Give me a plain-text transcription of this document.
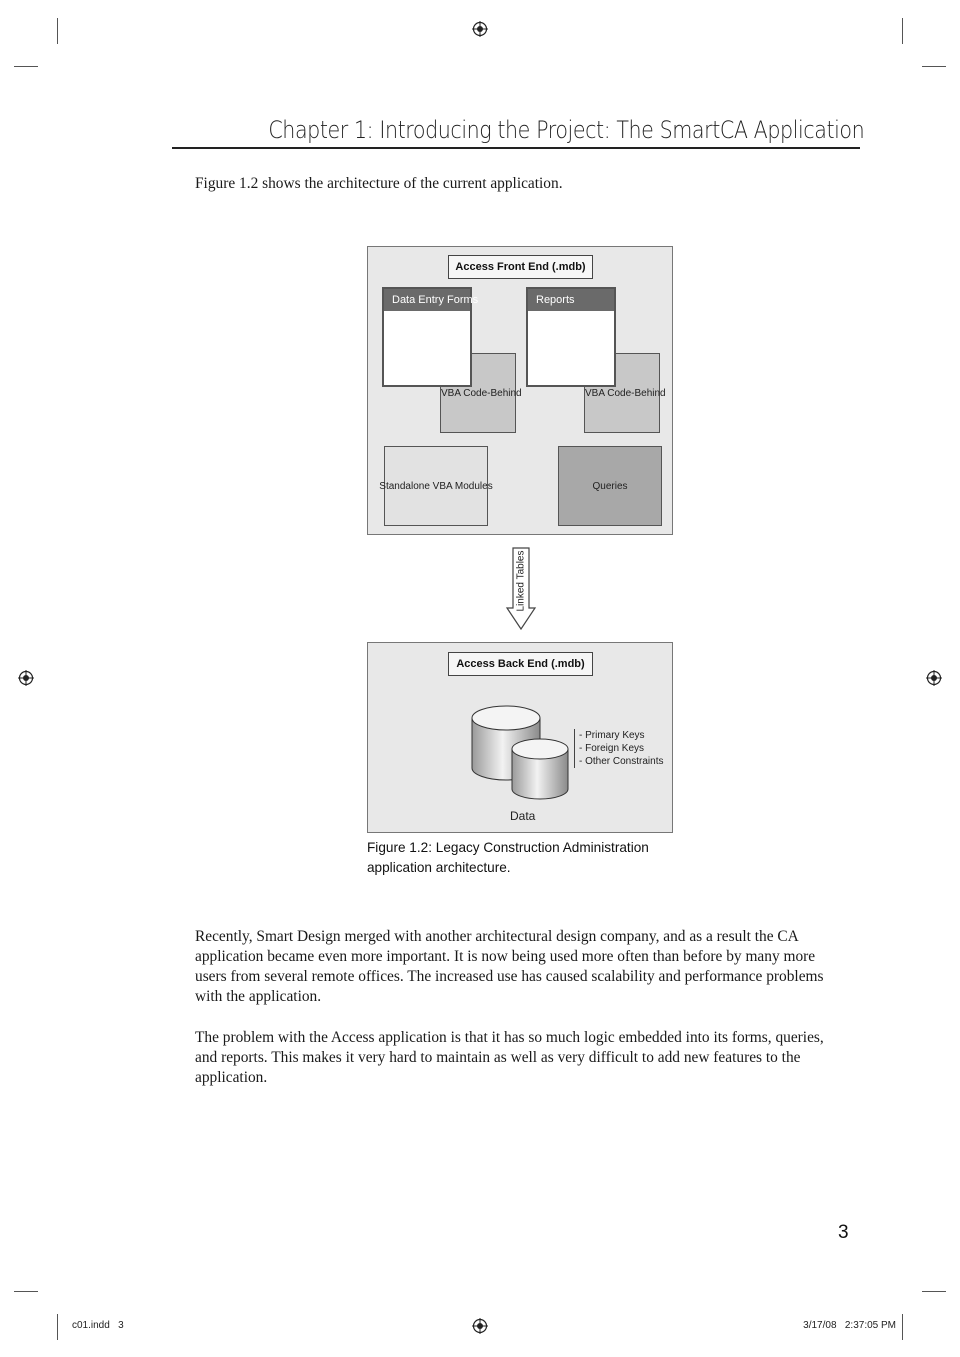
Chapter 1: Introducing the Project: The SmartCA Application
Figure 1.2 shows the architecture of the current application.
Access Front End (.mdb)
VBA Code-Behind	VBA Code-Behind
Data Entry Forms	Reports
Standalone VBA Modules	Queries
Linked Tables
Access Back End (.mdb)
- Primary Keys
- Foreign Keys
- Other Constraints
Data
Figure 1.2: Legacy Construction Administration
application architecture.
Recently, Smart Design merged with another architectural design company, and as a result the CA application became even more important. It is now being used more often than before by many more users from several remote offices. The increased use has caused scalability and performance problems with the application.
The problem with the Access application is that it has so much logic embedded into its forms, queries, and reports. This makes it very hard to maintain as well as very difficult to add new features to the application.
3
c01.indd   3	3/17/08   2:37:05 PM
